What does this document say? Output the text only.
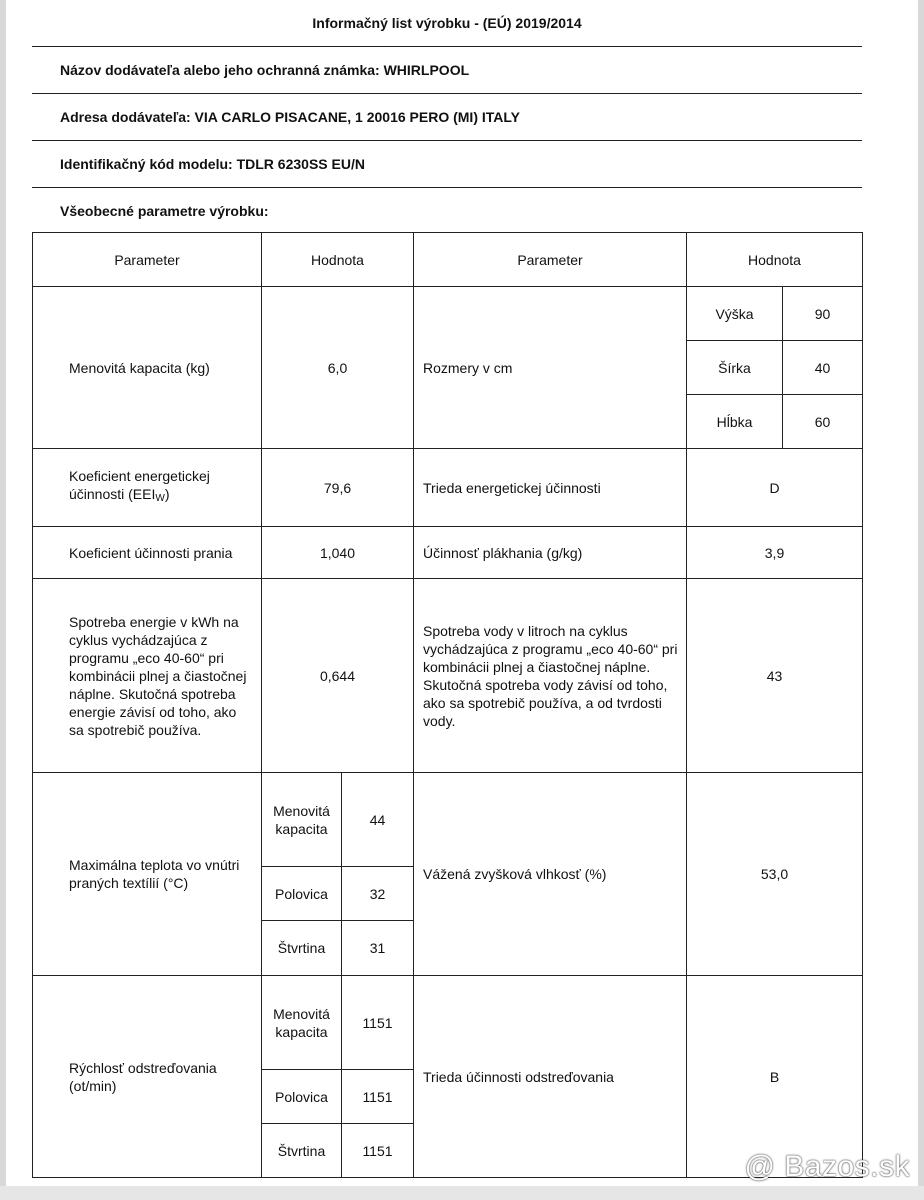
Informačný list výrobku - (EÚ) 2019/2014
Názov dodávateľa alebo jeho ochranná známka: WHIRLPOOL
Adresa dodávateľa: VIA CARLO PISACANE, 1 20016 PERO (MI) ITALY
Identifikačný kód modelu: TDLR 6230SS EU/N
Všeobecné parametre výrobku:
Parameter	Hodnota		Parameter	Hodnota	
Menovitá kapacita (kg)	6,0		Rozmery v cm	Výška	90
				Šírka	40
				Hĺbka	60
Koeficient energetickej účinnosti $(EEI_W)$	79,6		Trieda energetickej účinnosti	D	
Koeficient účinnosti prania	1,040		Účinnosť plákhania (g/kg)	3,9	
Spotreba energie v kWh na cyklus vychádzajúca z programu „eco 40-60“ pri kombinácii plnej a čiastočnej náplne. Skutočná spotreba energie závisí od toho, ako sa spotrebič používa.	0,644		Spotreba vody v litroch na cyklus vychádzajúca z programu „eco 40-60“ pri kombinácii plnej a čiastočnej náplne. Skutočná spotreba vody závisí od toho, ako sa spotrebič používa, a od tvrdosti vody.	43	
Maximálna teplota vo vnútri praných textílií (°C)	Menovitá kapacita	44	Vážená zvyšková vlhkosť (%)	53,0	
	Polovica	32			
	Štvrtina	31			
Rýchlosť odstreďovania (ot/min)	Menovitá kapacita	1151	Trieda účinnosti odstreďovania	B	
	Polovica	1151			
	Štvrtina	1151				@ Bazos.sk
